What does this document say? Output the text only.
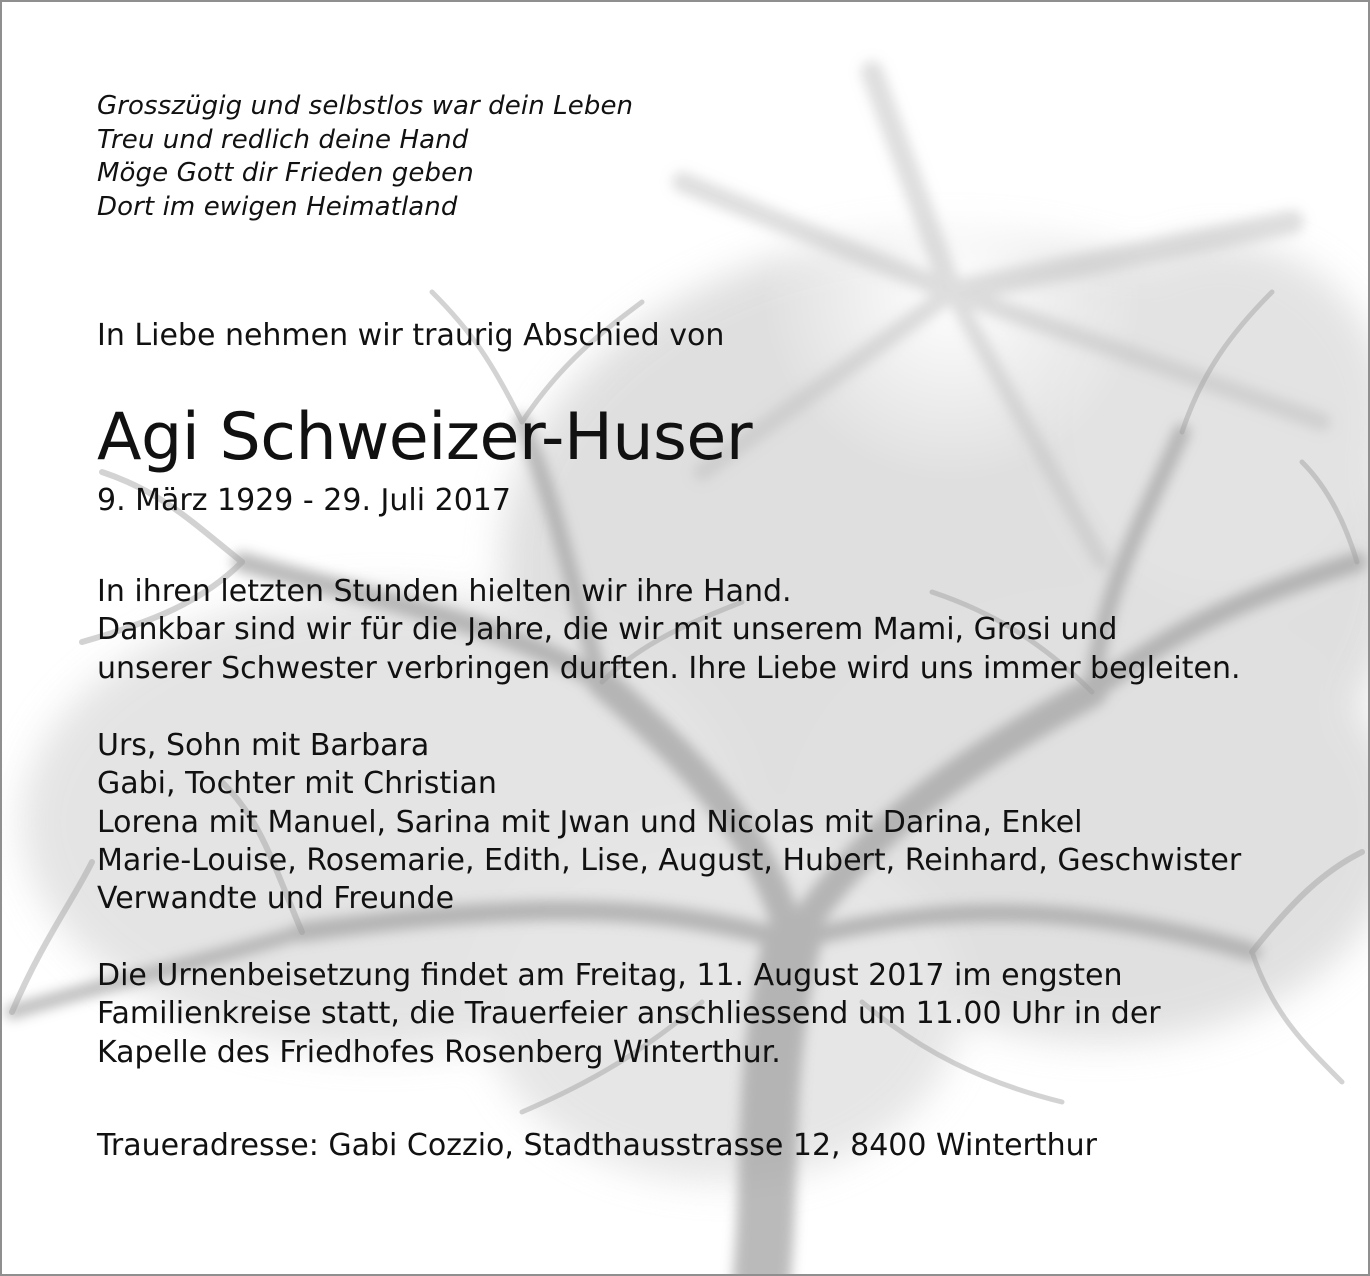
Grosszügig und selbstlos war dein Leben
Treu und redlich deine Hand
Möge Gott dir Frieden geben
Dort im ewigen Heimatland
In Liebe nehmen wir traurig Abschied von
Agi Schweizer-Huser
9. März 1929 - 29. Juli 2017
In ihren letzten Stunden hielten wir ihre Hand.
Dankbar sind wir für die Jahre, die wir mit unserem Mami, Grosi und
unserer Schwester verbringen durften. Ihre Liebe wird uns immer begleiten.
Urs, Sohn mit Barbara
Gabi, Tochter mit Christian
Lorena mit Manuel, Sarina mit Jwan und Nicolas mit Darina, Enkel
Marie-Louise, Rosemarie, Edith, Lise, August, Hubert, Reinhard, Geschwister
Verwandte und Freunde
Die Urnenbeisetzung findet am Freitag, 11. August 2017 im engsten
Familienkreise statt, die Trauerfeier anschliessend um 11.00 Uhr in der
Kapelle des Friedhofes Rosenberg Winterthur.
Traueradresse: Gabi Cozzio, Stadthausstrasse 12, 8400 Winterthur
